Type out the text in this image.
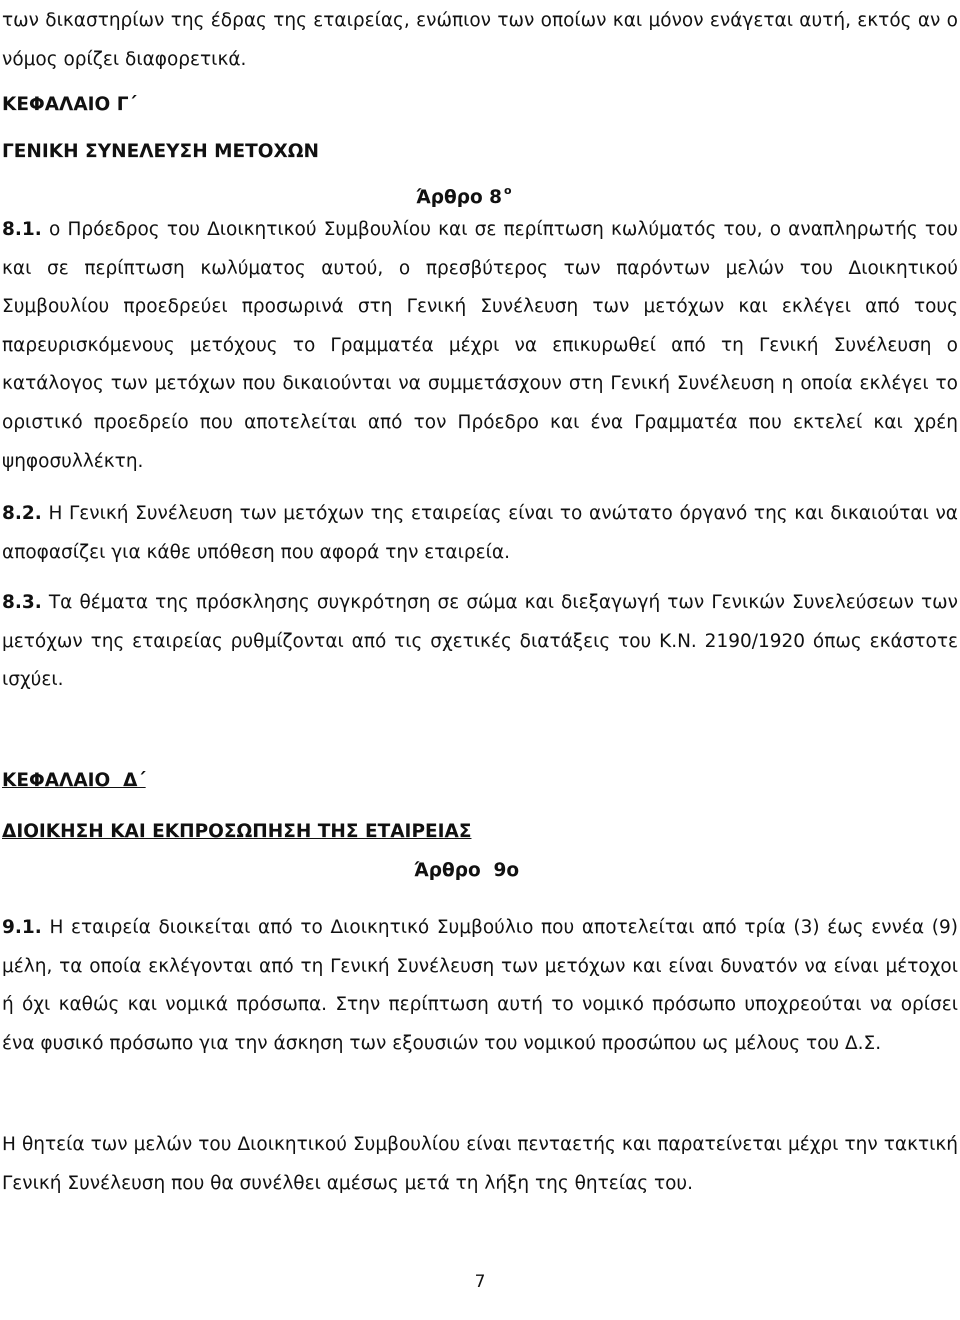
των δικαστηρίων της έδρας της εταιρείας, ενώπιον των οποίων και μόνον ενάγεται αυτή, εκτός αν ο νόμος ορίζει διαφορετικά.

ΚΕΦΑΛΑΙΟ Γ΄

ΓΕΝΙΚΗ ΣΥΝΕΛΕΥΣΗ ΜΕΤΟΧΩΝ

Άρθρο 8 $^o$

8.1. ο Πρόεδρος του Διοικητικού Συμβουλίου και σε περίπτωση κωλύματός του, ο αναπληρωτής του και σε περίπτωση κωλύματος αυτού, ο πρεσβύτερος των παρόντων μελών του Διοικητικού Συμβουλίου προεδρεύει προσωρινά στη Γενική Συνέλευση των μετόχων και εκλέγει από τους παρευρισκόμενους μετόχους το Γραμματέα μέχρι να επικυρωθεί από τη Γενική Συνέλευση ο κατάλογος των μετόχων που δικαιούνται να συμμετάσχουν στη Γενική Συνέλευση η οποία εκλέγει το οριστικό προεδρείο που αποτελείται από τον Πρόεδρο και ένα Γραμματέα που εκτελεί και χρέη ψηφοσυλλέκτη.

8.2. Η Γενική Συνέλευση των μετόχων της εταιρείας είναι το ανώτατο όργανό της και δικαιούται να αποφασίζει για κάθε υπόθεση που αφορά την εταιρεία.

8.3. Τα θέματα της πρόσκλησης συγκρότηση σε σώμα και διεξαγωγή των Γενικών Συνελεύσεων των μετόχων της εταιρείας ρυθμίζονται από τις σχετικές διατάξεις του Κ.Ν. 2190/1920 όπως εκάστοτε ισχύει.

ΚΕΦΑΛΑΙΟ  Δ΄

ΔΙΟΙΚΗΣΗ ΚΑΙ ΕΚΠΡΟΣΩΠΗΣΗ ΤΗΣ ΕΤΑΙΡΕΙΑΣ

Άρθρο  9ο

9.1. Η εταιρεία διοικείται από το Διοικητικό Συμβούλιο που αποτελείται από τρία (3) έως εννέα (9) μέλη, τα οποία εκλέγονται από τη Γενική Συνέλευση των μετόχων και είναι δυνατόν να είναι μέτοχοι ή όχι καθώς και νομικά πρόσωπα. Στην περίπτωση αυτή το νομικό πρόσωπο υποχρεούται να ορίσει ένα φυσικό πρόσωπο για την άσκηση των εξουσιών του νομικού προσώπου ως μέλους του Δ.Σ.

Η θητεία των μελών του Διοικητικού Συμβουλίου είναι πενταετής και παρατείνεται μέχρι την τακτική Γενική Συνέλευση που θα συνέλθει αμέσως μετά τη λήξη της θητείας του.

7
